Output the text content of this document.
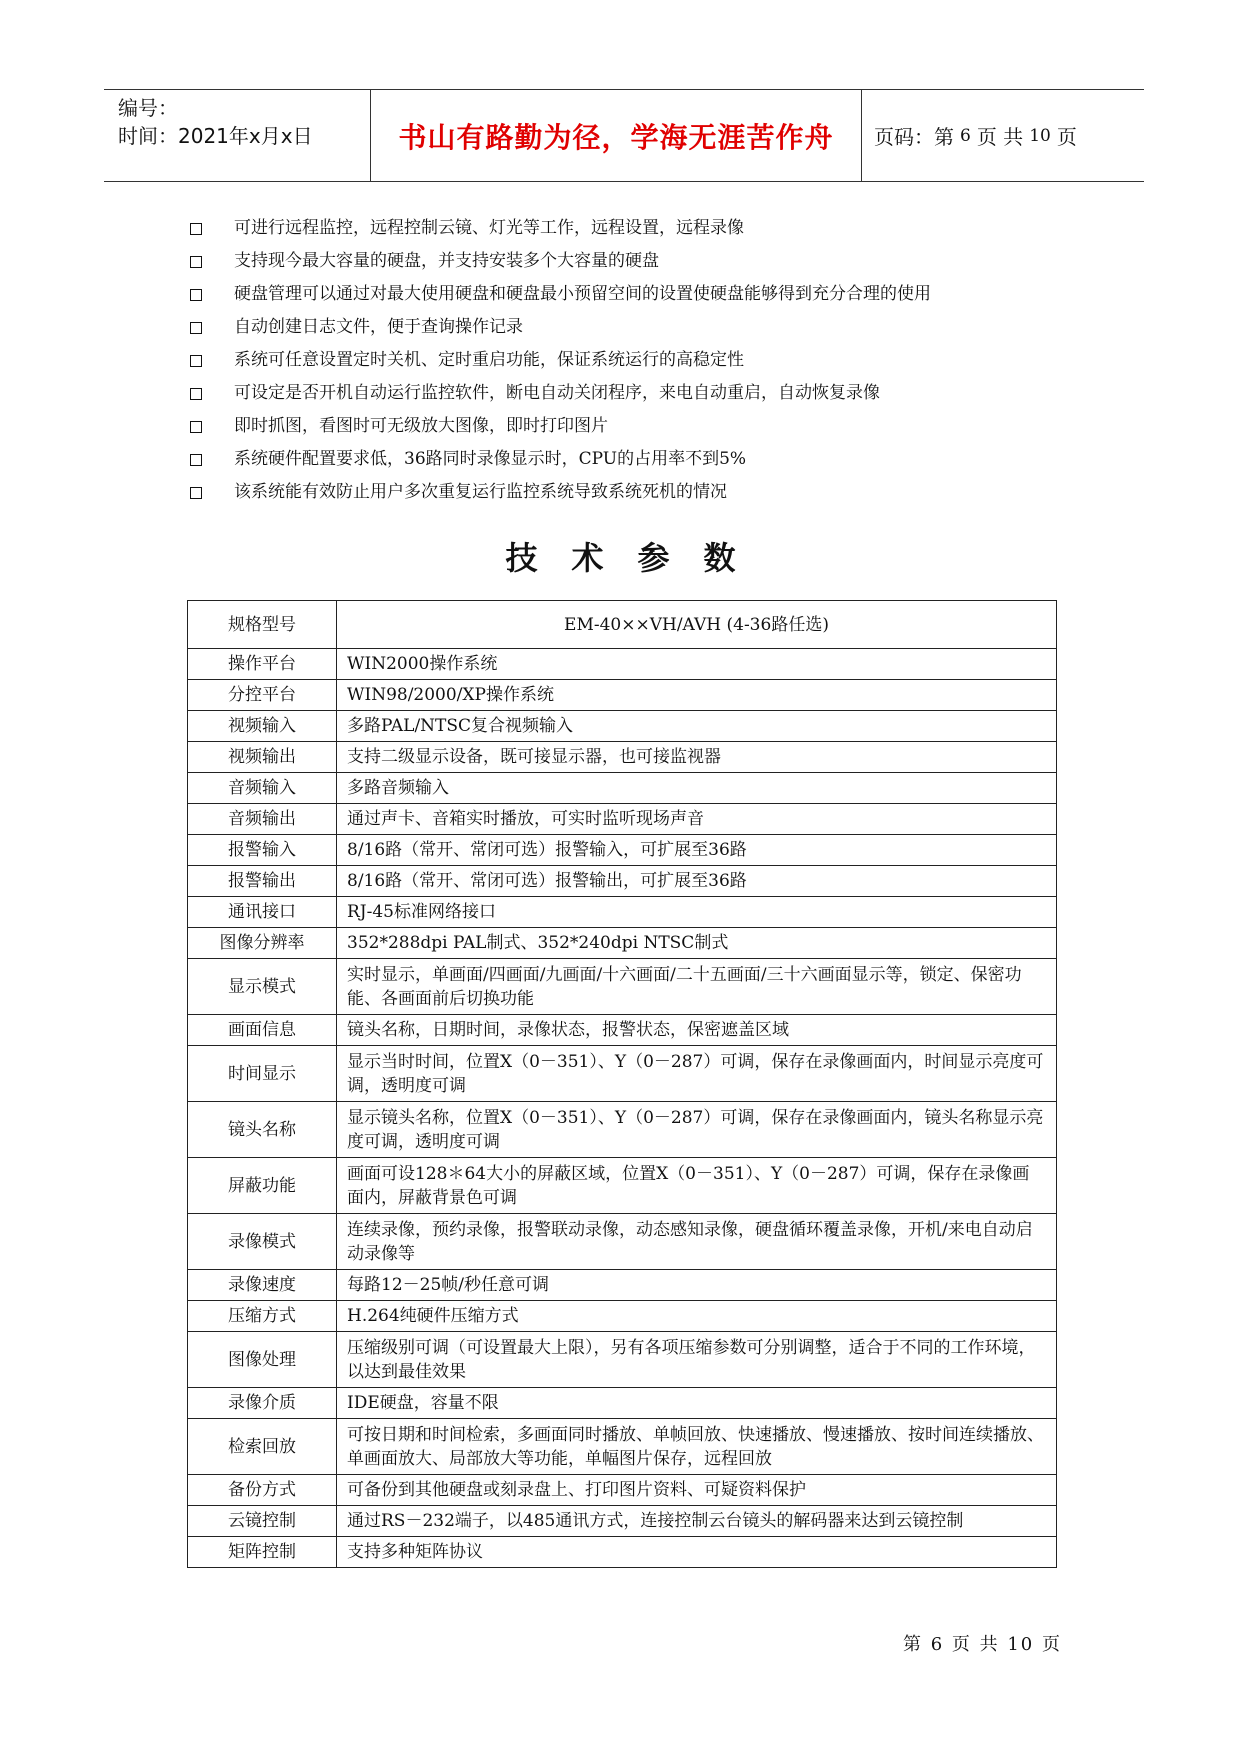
编号：
时间：2021年x月x日	书山有路勤为径，学海无涯苦作舟	页码：第 6 页 共 10 页
可进行远程监控，远程控制云镜、灯光等工作，远程设置，远程录像
支持现今最大容量的硬盘，并支持安装多个大容量的硬盘
硬盘管理可以通过对最大使用硬盘和硬盘最小预留空间的设置使硬盘能够得到充分合理的使用
自动创建日志文件，便于查询操作记录
系统可任意设置定时关机、定时重启功能，保证系统运行的高稳定性
可设定是否开机自动运行监控软件，断电自动关闭程序，来电自动重启，自动恢复录像
即时抓图，看图时可无级放大图像，即时打印图片
系统硬件配置要求低，36路同时录像显示时，CPU的占用率不到5%
该系统能有效防止用户多次重复运行监控系统导致系统死机的情况
技术参数
规格型号	EM-40××VH/AVH (4-36路任选)
操作平台	WIN2000操作系统
分控平台	WIN98/2000/XP操作系统
视频输入	多路PAL/NTSC复合视频输入
视频输出	支持二级显示设备，既可接显示器，也可接监视器
音频输入	多路音频输入
音频输出	通过声卡、音箱实时播放，可实时监听现场声音
报警输入	8/16路（常开、常闭可选）报警输入，可扩展至36路
报警输出	8/16路（常开、常闭可选）报警输出，可扩展至36路
通讯接口	RJ-45标准网络接口
图像分辨率	352*288dpi PAL制式、352*240dpi NTSC制式
显示模式	实时显示，单画面/四画面/九画面/十六画面/二十五画面/三十六画面显示等，锁定、保密功能、各画面前后切换功能
画面信息	镜头名称，日期时间，录像状态，报警状态，保密遮盖区域
时间显示	显示当时时间，位置X（0－351）、Y（0－287）可调，保存在录像画面内，时间显示亮度可调，透明度可调
镜头名称	显示镜头名称，位置X（0－351）、Y（0－287）可调，保存在录像画面内，镜头名称显示亮度可调，透明度可调
屏蔽功能	画面可设128＊64大小的屏蔽区域，位置X（0－351）、Y（0－287）可调，保存在录像画面内，屏蔽背景色可调
录像模式	连续录像，预约录像，报警联动录像，动态感知录像，硬盘循环覆盖录像，开机/来电自动启动录像等
录像速度	每路12－25帧/秒任意可调
压缩方式	H.264纯硬件压缩方式
图像处理	压缩级别可调（可设置最大上限），另有各项压缩参数可分别调整，适合于不同的工作环境，以达到最佳效果
录像介质	IDE硬盘，容量不限
检索回放	可按日期和时间检索，多画面同时播放、单帧回放、快速播放、慢速播放、按时间连续播放、单画面放大、局部放大等功能，单幅图片保存，远程回放
备份方式	可备份到其他硬盘或刻录盘上、打印图片资料、可疑资料保护
云镜控制	通过RS－232端子，以485通讯方式，连接控制云台镜头的解码器来达到云镜控制
矩阵控制	支持多种矩阵协议
第 6 页 共 10 页
